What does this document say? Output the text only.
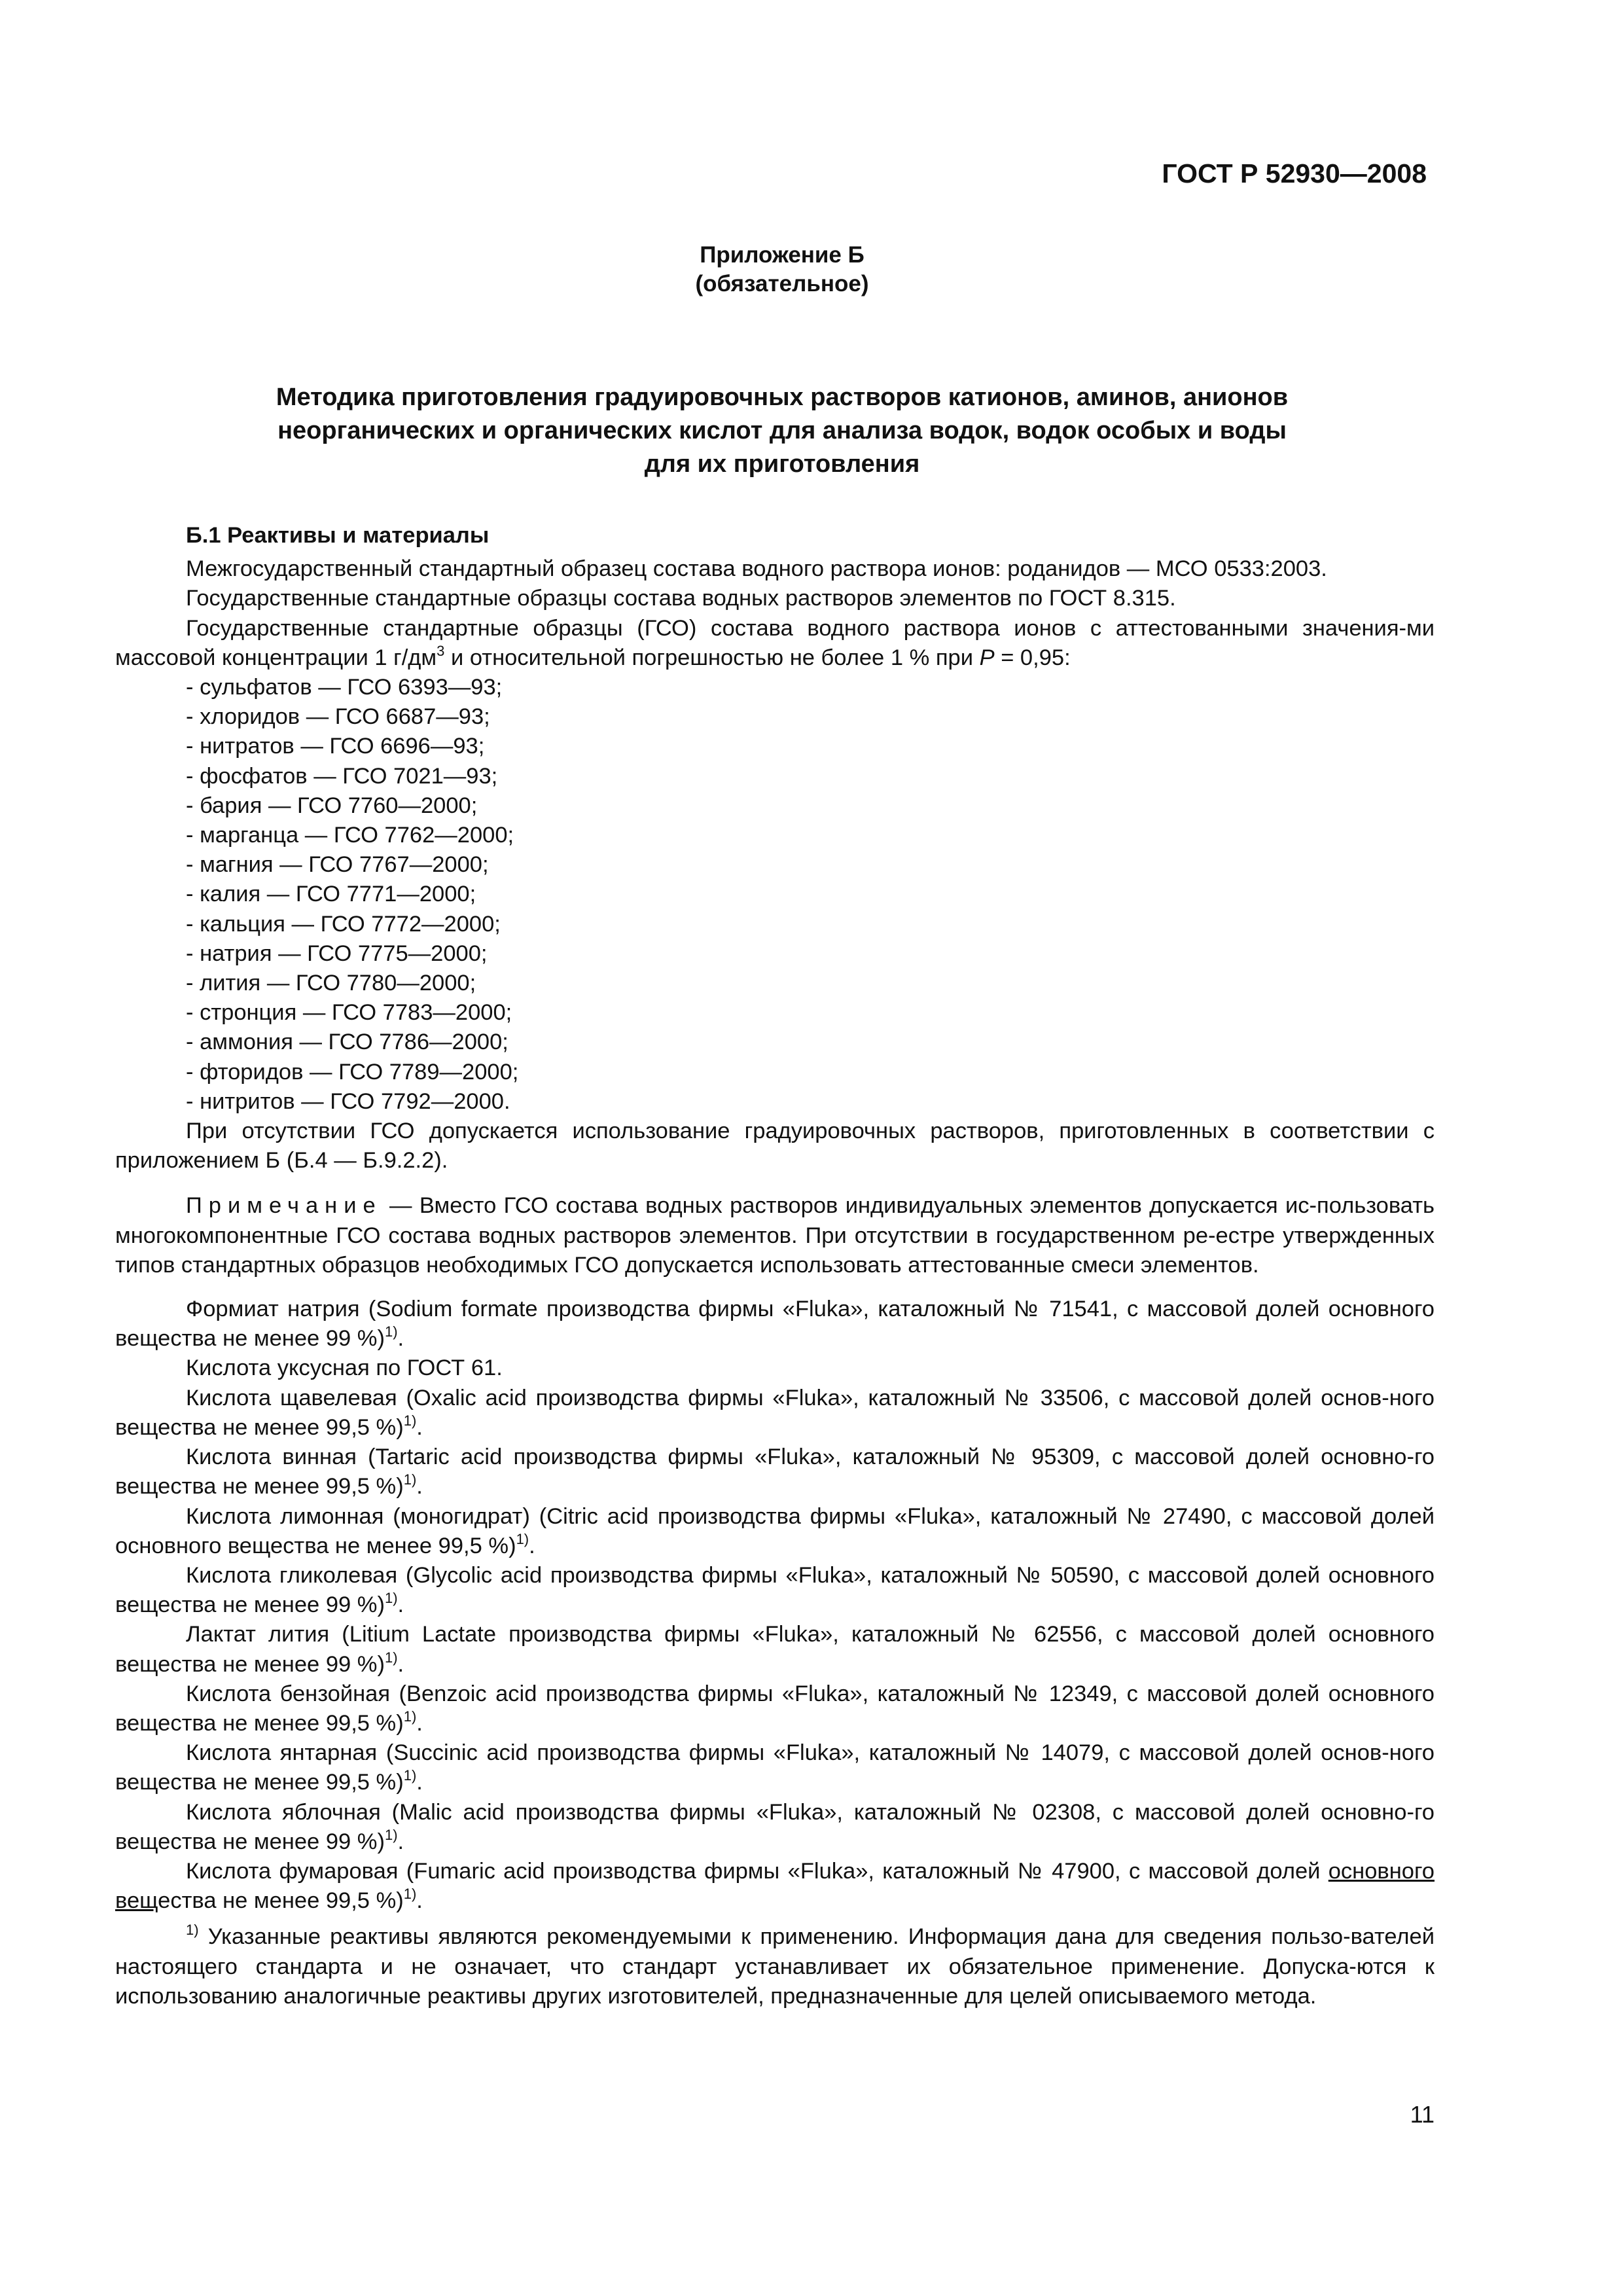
ГОСТ Р 52930—2008
Приложение Б
(обязательное)
Методика приготовления градуировочных растворов катионов, аминов, анионов
неорганических и органических кислот для анализа водок, водок особых и воды
для их приготовления

Б.1 Реактивы и материалы

Межгосударственный стандартный образец состава водного раствора ионов: роданидов — МСО 0533:2003.

Государственные стандартные образцы состава водных растворов элементов по ГОСТ 8.315.

Государственные стандартные образцы (ГСО) состава водного раствора ионов с аттестованными значения-ми массовой концентрации 1 $г/дм^3$ и относительной погрешностью не более 1 % при Р = 0,95:

- сульфатов — ГСО 6393—93;
- хлоридов — ГСО 6687—93;
- нитратов — ГСО 6696—93;
- фосфатов — ГСО 7021—93;
- бария — ГСО 7760—2000;
- марганца — ГСО 7762—2000;
- магния — ГСО 7767—2000;
- калия — ГСО 7771—2000;
- кальция — ГСО 7772—2000;
- натрия — ГСО 7775—2000;
- лития — ГСО 7780—2000;
- стронция — ГСО 7783—2000;
- аммония — ГСО 7786—2000;
- фторидов — ГСО 7789—2000;
- нитритов — ГСО 7792—2000.

При отсутствии ГСО допускается использование градуировочных растворов, приготовленных в соответствии с приложением Б (Б.4 — Б.9.2.2).

Примечание — Вместо ГСО состава водных растворов индивидуальных элементов допускается ис-пользовать многокомпонентные ГСО состава водных растворов элементов. При отсутствии в государственном ре-естре утвержденных типов стандартных образцов необходимых ГСО допускается использовать аттестованные смеси элементов.

Формиат натрия (Sodium formate производства фирмы «Fluka», каталожный № 71541, с массовой долей основного вещества не менее 99 %)$^{1)}$.

Кислота уксусная по ГОСТ 61.

Кислота щавелевая (Oxalic acid производства фирмы «Fluka», каталожный № 33506, с массовой долей основ-ного вещества не менее 99,5 %)$^{1)}$.

Кислота винная (Tartaric acid производства фирмы «Fluka», каталожный № 95309, с массовой долей основно-го вещества не менее 99,5 %)$^{1)}$.

Кислота лимонная (моногидрат) (Citric acid производства фирмы «Fluka», каталожный № 27490, с массовой долей основного вещества не менее 99,5 %)$^{1)}$.

Кислота гликолевая (Glycolic acid производства фирмы «Fluka», каталожный № 50590, с массовой долей основного вещества не менее 99 %)$^{1)}$.

Лактат лития (Litium Lactate производства фирмы «Fluka», каталожный № 62556, с массовой долей основного вещества не менее 99 %)$^{1)}$.

Кислота бензойная (Benzoic acid производства фирмы «Fluka», каталожный № 12349, с массовой долей основного вещества не менее 99,5 %)$^{1)}$.

Кислота янтарная (Succinic acid производства фирмы «Fluka», каталожный № 14079, с массовой долей основ-ного вещества не менее 99,5 %)$^{1)}$.

Кислота яблочная (Malic acid производства фирмы «Fluka», каталожный № 02308, с массовой долей основно-го вещества не менее 99 %)$^{1)}$.

Кислота фумаровая (Fumaric acid производства фирмы «Fluka», каталожный № 47900, с массовой долей основного вещества не менее 99,5 %)$^{1)}$.

$^{1)}$ Указанные реактивы являются рекомендуемыми к применению. Информация дана для сведения пользо-вателей настоящего стандарта и не означает, что стандарт устанавливает их обязательное применение. Допуска-ются к использованию аналогичные реактивы других изготовителей, предназначенные для целей описываемого метода.

11
